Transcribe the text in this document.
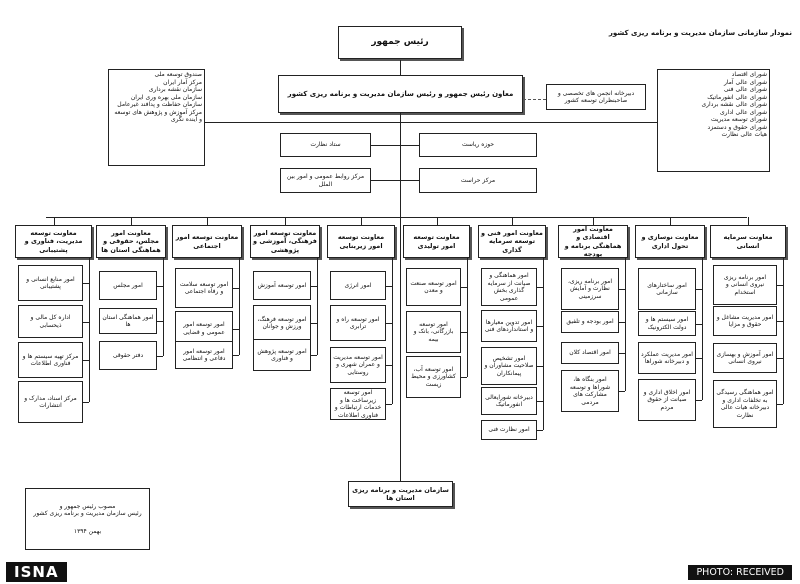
نمودار سازمانی سازمان مدیریت و برنامه ریزی کشور
رئیس جمهور
معاون رئیس جمهور و رئیس سازمان مدیریت و برنامه ریزی کشور	دبیرخانه انجمن های تخصصی و صاحبنظران توسعه کشور
صندوق توسعه ملی
مرکز آمار ایران
سازمان نقشه برداری
سازمان ملی بهره وری ایران
سازمان حفاظت و پدافند غیرعامل
مرکز آموزش و پژوهش های توسعه و آینده نگری
شورای اقتصاد
شورای عالی آمار
شورای عالی فنی
شورای عالی انفورماتیک
شورای عالی نقشه برداری
شورای عالی اداری
شورای توسعه مدیریت
شورای حقوق و دستمزد
هیات عالی نظارت
ستاد نظارت	حوزه ریاست
مرکز روابط عمومی و امور بین الملل
مرکز حراست
معاونت سرمایه انسانی
امور برنامه ریزی نیروی انسانی و استخدام
امور مدیریت مشاغل و حقوق و مزایا
امور آموزش و بهسازی نیروی انسانی
امور هماهنگی رسیدگی به تخلفات اداری و دبیرخانه هیات عالی نظارت
معاونت نوسازی و تحول اداری
امور ساختارهای سازمانی
امور سیستم ها و دولت الکترونیک
امور مدیریت عملکرد و دبیرخانه شوراها
امور اخلاق اداری و صیانت از حقوق مردم
معاونت امور اقتصادی و هماهنگی برنامه و بودجه
امور برنامه ریزی، نظارت و آمایش سرزمینی
امور بودجه و تلفیق
امور اقتصاد کلان
امور بنگاه ها، شوراها و توسعه مشارکت های مردمی
معاونت امور فنی و توسعه سرمایه گذاری
امور هماهنگی و صیانت از سرمایه گذاری بخش عمومی
امور تدوین معیارها و استانداردهای فنی
امور تشخیص صلاحیت مشاوران و پیمانکاران
دبیرخانه شورایعالی انفورماتیک
امور نظارت فنی
معاونت توسعه امور تولیدی
امور توسعه صنعت و معدن
امور توسعه بازرگانی، بانک و بیمه
امور توسعه آب، کشاورزی و محیط زیست
معاونت توسعه امور زیربنایی
امور انرژی
امور توسعه راه و ترابری
امور توسعه مدیریت و عمران شهری و روستایی
امور توسعه زیرساخت ها و خدمات ارتباطات و فناوری اطلاعات
معاونت توسعه امور فرهنگی، آموزشی و پژوهشی
امور توسعه آموزش
امور توسعه فرهنگ، ورزش و جوانان
امور توسعه پژوهش و فناوری
معاونت توسعه امور اجتماعی
امور توسعه سلامت و رفاه اجتماعی
امور توسعه امور عمومی و قضایی
امور توسعه امور دفاعی و انتظامی
معاونت امور مجلس، حقوقی و هماهنگی استان ها
امور مجلس
امور هماهنگی استان ها
دفتر حقوقی
معاونت توسعه مدیریت، فناوری و پشتیبانی
امور منابع انسانی و پشتیبانی
اداره کل مالی و ذیحسابی
مرکز تهیه سیستم ها و فناوری اطلاعات
مرکز اسناد، مدارک و انتشارات
سازمان مدیریت و برنامه ریزی استان ها
مصوب رئیس جمهور و
رئیس سازمان مدیریت و برنامه ریزی کشور
بهمن ۱۳۹۴
ISNA	PHOTO: RECEIVED
